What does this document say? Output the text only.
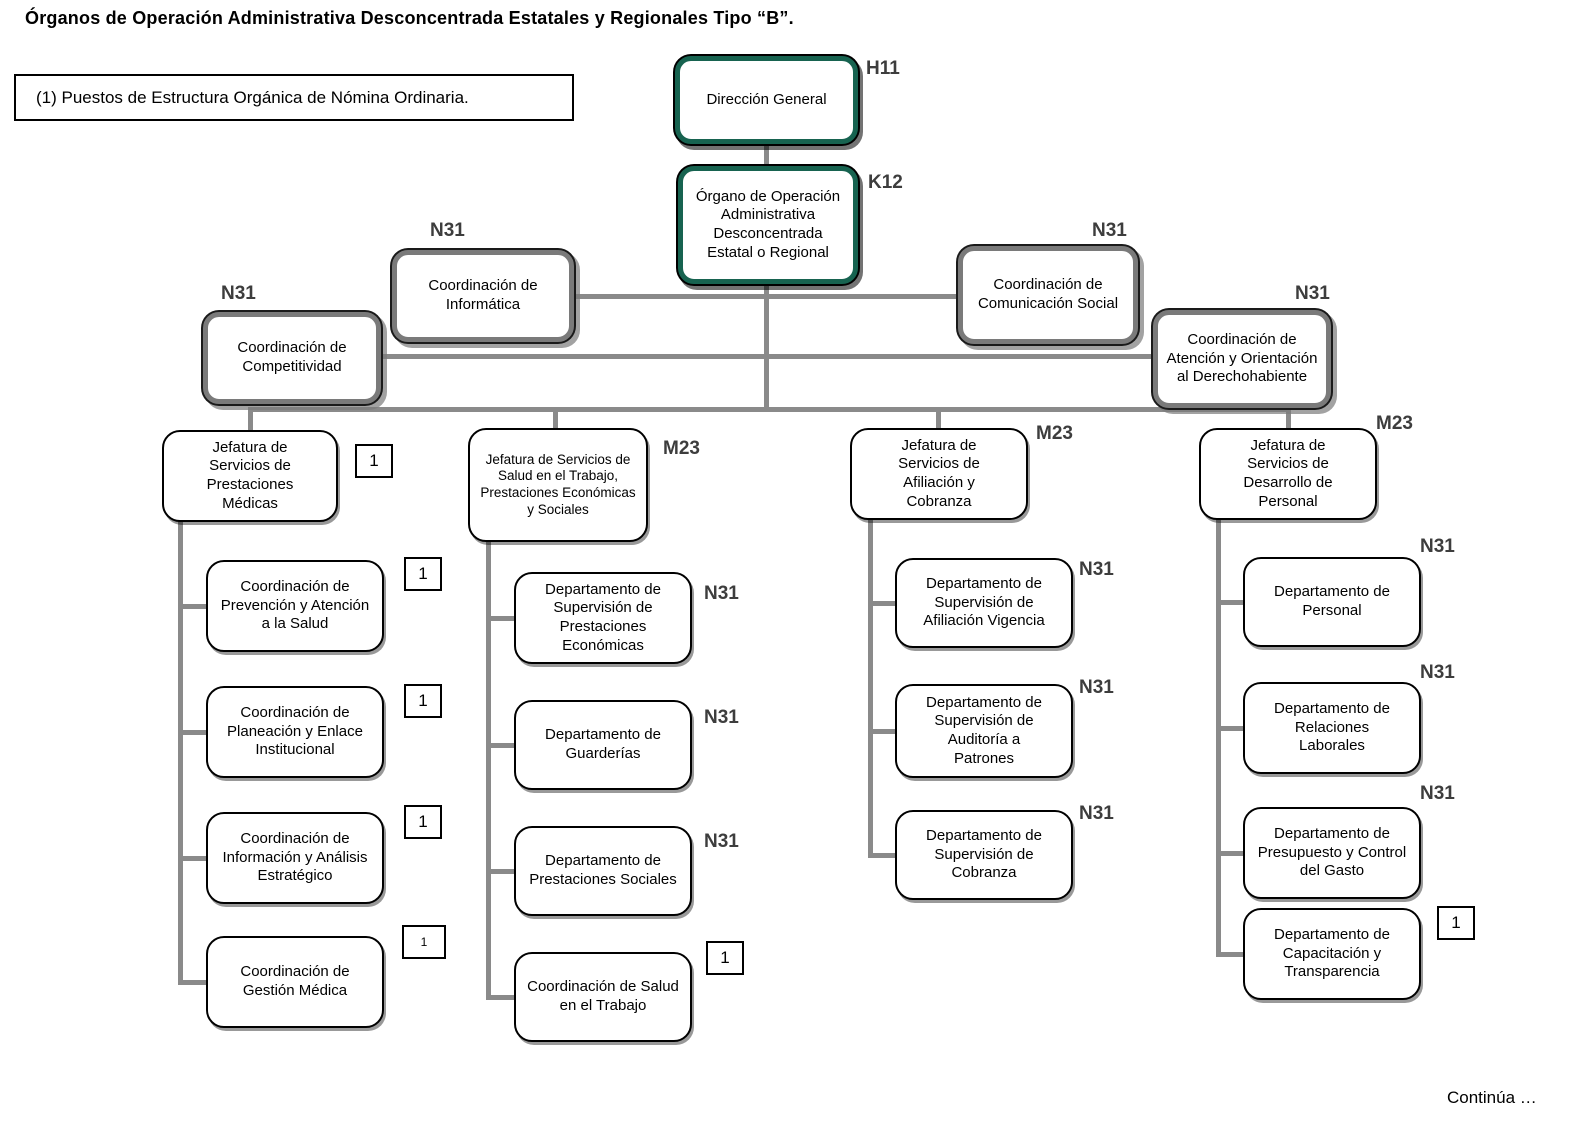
Órganos de Operación Administrativa Desconcentrada Estatales y Regionales Tipo “B”.
(1) Puestos de Estructura Orgánica de Nómina Ordinaria.
Continúa …
Dirección General
Órgano de Operación Administrativa Desconcentrada Estatal o Regional
Coordinación de Informática
Coordinación de Competitividad
Coordinación de Comunicación Social
Coordinación de Atención y Orientación al Derechohabiente
Jefatura de Servicios de Prestaciones Médicas
Jefatura de Servicios de Salud en el Trabajo, Prestaciones Económicas y Sociales
Jefatura de Servicios de Afiliación y Cobranza
Jefatura de Servicios de Desarrollo de Personal
Coordinación de Prevención y Atención a la Salud
Coordinación de Planeación y Enlace Institucional
Coordinación de Información y Análisis Estratégico
Coordinación de Gestión Médica
Departamento de Supervisión de Prestaciones Económicas
Departamento de Guarderías
Departamento de Prestaciones Sociales
Coordinación de Salud en el Trabajo
Departamento de Supervisión de Afiliación Vigencia
Departamento de Supervisión de Auditoría a Patrones
Departamento de Supervisión de Cobranza
Departamento de Personal
Departamento de Relaciones Laborales
Departamento de Presupuesto y Control del Gasto
Departamento de Capacitación y Transparencia
H11
K12
N31
N31
N31
N31
M23
M23	M23
N31
N31
N31
N31
N31
N31
N31
N31
N31
1
1
1
1
1
1
1
